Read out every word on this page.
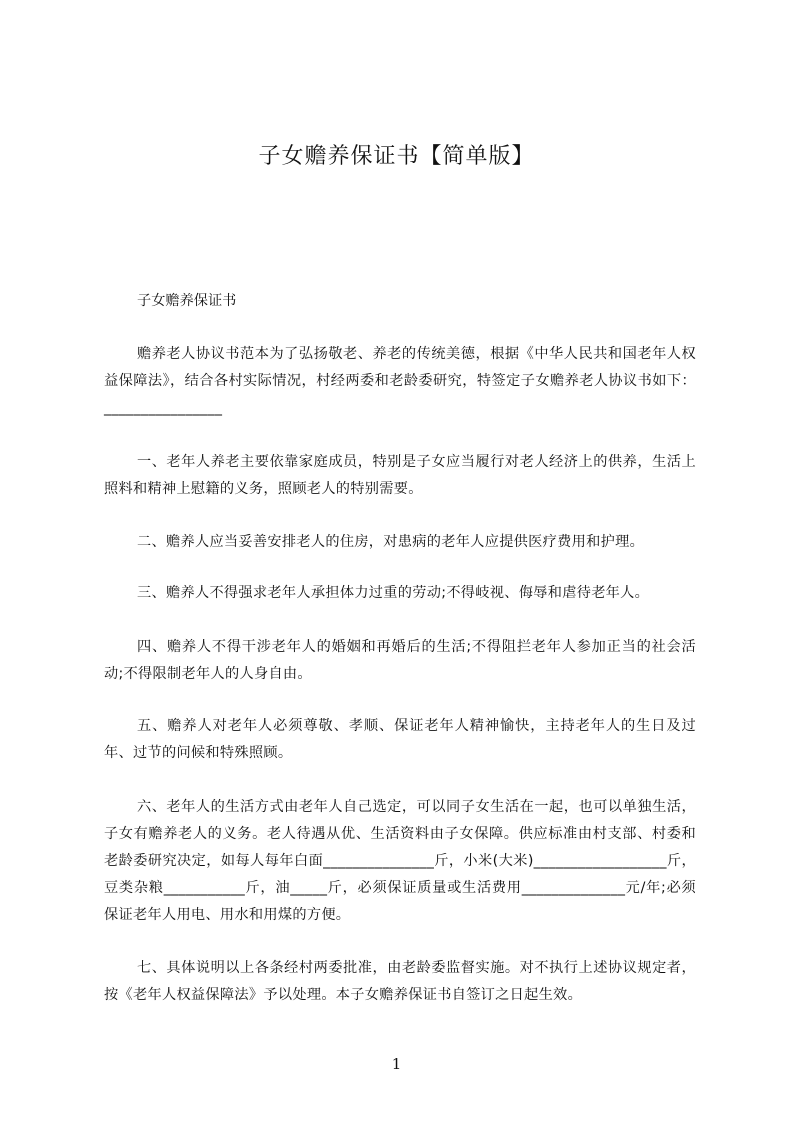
子女赡养保证书【简单版】
子女赡养保证书

赡养老人协议书范本为了弘扬敬老、养老的传统美德，根据《中华人民共和国老年人权益保障法》，结合各村实际情况，村经两委和老龄委研究，特签定子女赡养老人协议书如下：________________

一、老年人养老主要依靠家庭成员，特别是子女应当履行对老人经济上的供养，生活上照料和精神上慰籍的义务，照顾老人的特别需要。

二、赡养人应当妥善安排老人的住房，对患病的老年人应提供医疗费用和护理。

三、赡养人不得强求老年人承担体力过重的劳动;不得岐视、侮辱和虐待老年人。

四、赡养人不得干涉老年人的婚姻和再婚后的生活;不得阻拦老年人参加正当的社会活动;不得限制老年人的人身自由。

五、赡养人对老年人必须尊敬、孝顺、保证老年人精神愉快，主持老年人的生日及过年、过节的问候和特殊照顾。

六、老年人的生活方式由老年人自己选定，可以同子女生活在一起，也可以单独生活，子女有赡养老人的义务。老人待遇从优、生活资料由子女保障。供应标准由村支部、村委和老龄委研究决定，如每人每年白面_______________斤，小米(大米)__________________斤，豆类杂粮___________斤，油_____斤，必须保证质量或生活费用______________元/年;必须保证老年人用电、用水和用煤的方便。

七、具体说明以上各条经村两委批准，由老龄委监督实施。对不执行上述协议规定者，按《老年人权益保障法》予以处理。本子女赡养保证书自签订之日起生效。

1
